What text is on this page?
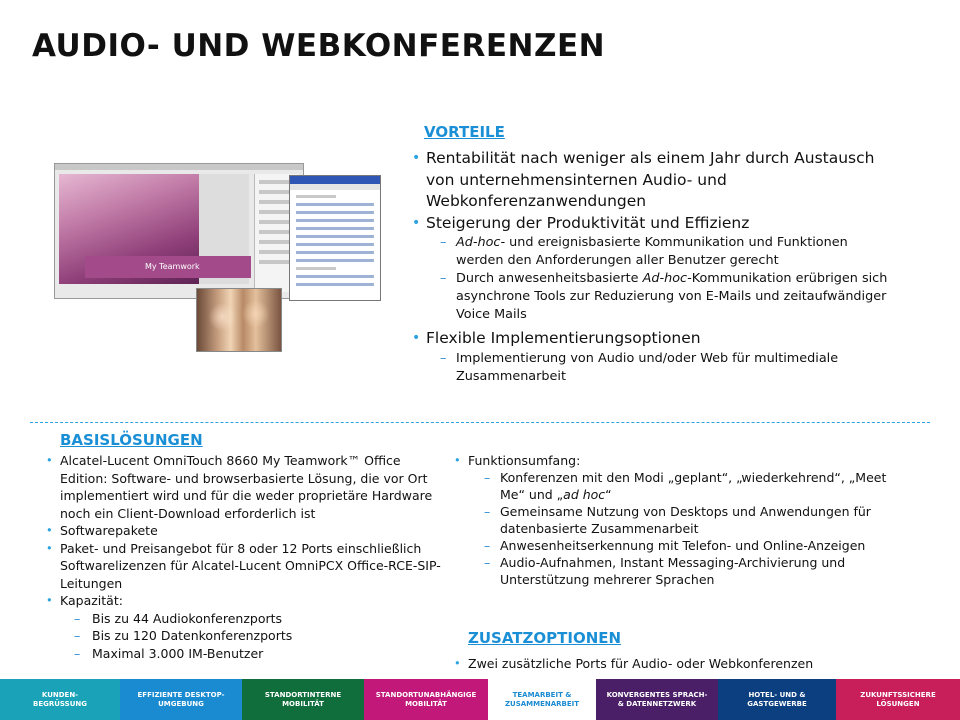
AUDIO- UND WEBKONFERENZEN
My Teamwork
VORTEILE
• Rentabilität nach weniger als einem Jahr durch Austausch von unternehmensinternen Audio- und Webkonferenzanwendungen
• Steigerung der Produktivität und Effizienz
– Ad-hoc- und ereignisbasierte Kommunikation und Funktionen werden den Anforderungen aller Benutzer gerecht
– Durch anwesenheitsbasierte Ad-hoc-Kommunikation erübrigen sich asynchrone Tools zur Reduzierung von E-Mails und zeitaufwändiger Voice Mails
• Flexible Implementierungsoptionen
– Implementierung von Audio und/oder Web für multimediale Zusammenarbeit
BASISLÖSUNGEN
• Alcatel-Lucent OmniTouch 8660 My Teamwork™ Office Edition: Software- und browserbasierte Lösung, die vor Ort implementiert wird und für die weder proprietäre Hardware noch ein Client-Download erforderlich ist
• Softwarepakete
• Paket- und Preisangebot für 8 oder 12 Ports einschließlich Softwarelizenzen für Alcatel-Lucent OmniPCX Office-RCE-SIP-Leitungen
• Kapazität:
– Bis zu 44 Audiokonferenzports
– Bis zu 120 Datenkonferenzports
– Maximal 3.000 IM-Benutzer
• Funktionsumfang:
– Konferenzen mit den Modi „geplant“, „wiederkehrend“, „Meet Me“ und „ad hoc“
– Gemeinsame Nutzung von Desktops und Anwendungen für datenbasierte Zusammenarbeit
– Anwesenheitserkennung mit Telefon- und Online-Anzeigen
– Audio-Aufnahmen, Instant Messaging-Archivierung und Unterstützung mehrerer Sprachen
ZUSATZOPTIONEN
• Zwei zusätzliche Ports für Audio- oder Webkonferenzen
KUNDEN-
BEGRÜSSUNG
EFFIZIENTE DESKTOP-
UMGEBUNG
STANDORTINTERNE
MOBILITÄT
STANDORTUNABHÄNGIGE
MOBILITÄT
TEAMARBEIT &
ZUSAMMENARBEIT
KONVERGENTES SPRACH-
& DATENNETZWERK
HOTEL- UND &
GASTGEWERBE
ZUKUNFTSSICHERE
LÖSUNGEN
